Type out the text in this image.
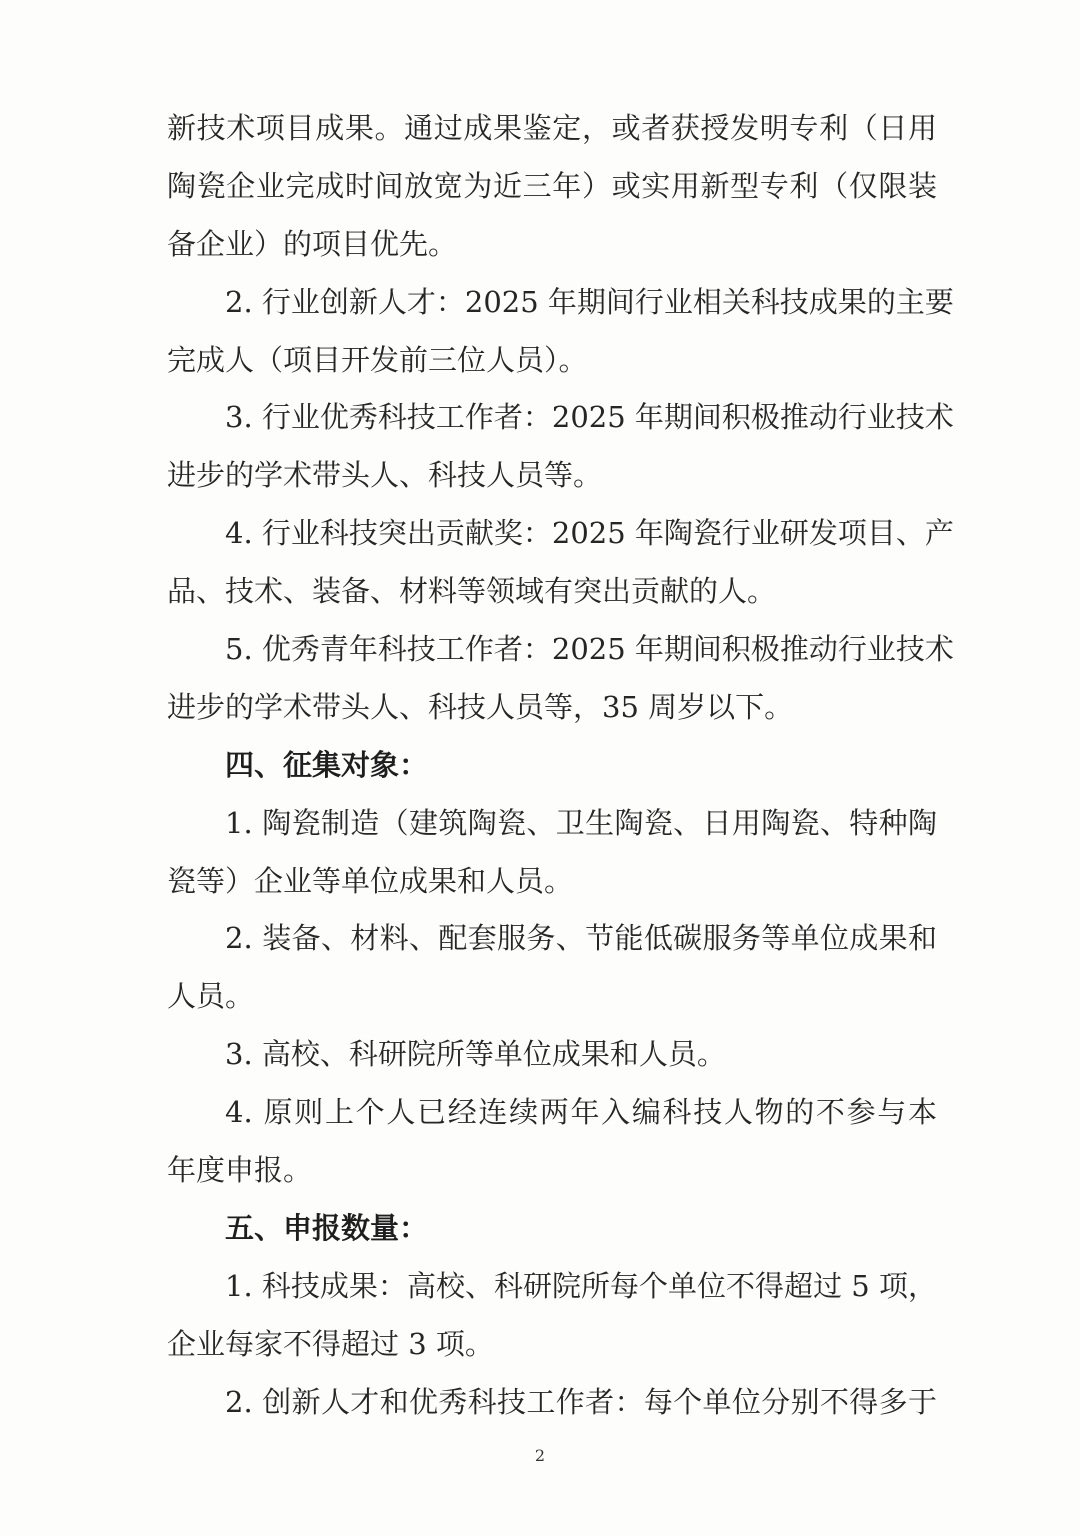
新技术项目成果。通过成果鉴定，或者获授发明专利（日用
陶瓷企业完成时间放宽为近三年）或实用新型专利（仅限装
备企业）的项目优先。
2. 行业创新人才：2025 年期间行业相关科技成果的主要
完成人（项目开发前三位人员）。
3. 行业优秀科技工作者：2025 年期间积极推动行业技术
进步的学术带头人、科技人员等。
4. 行业科技突出贡献奖：2025 年陶瓷行业研发项目、产
品、技术、装备、材料等领域有突出贡献的人。
5. 优秀青年科技工作者：2025 年期间积极推动行业技术
进步的学术带头人、科技人员等，35 周岁以下。
四、征集对象：
1. 陶瓷制造（建筑陶瓷、卫生陶瓷、日用陶瓷、特种陶
瓷等）企业等单位成果和人员。
2. 装备、材料、配套服务、节能低碳服务等单位成果和
人员。
3. 高校、科研院所等单位成果和人员。
4. 原则上个人已经连续两年入编科技人物的不参与本
年度申报。
五、申报数量：
1. 科技成果：高校、科研院所每个单位不得超过 5 项，
企业每家不得超过 3 项。
2. 创新人才和优秀科技工作者：每个单位分别不得多于
2
